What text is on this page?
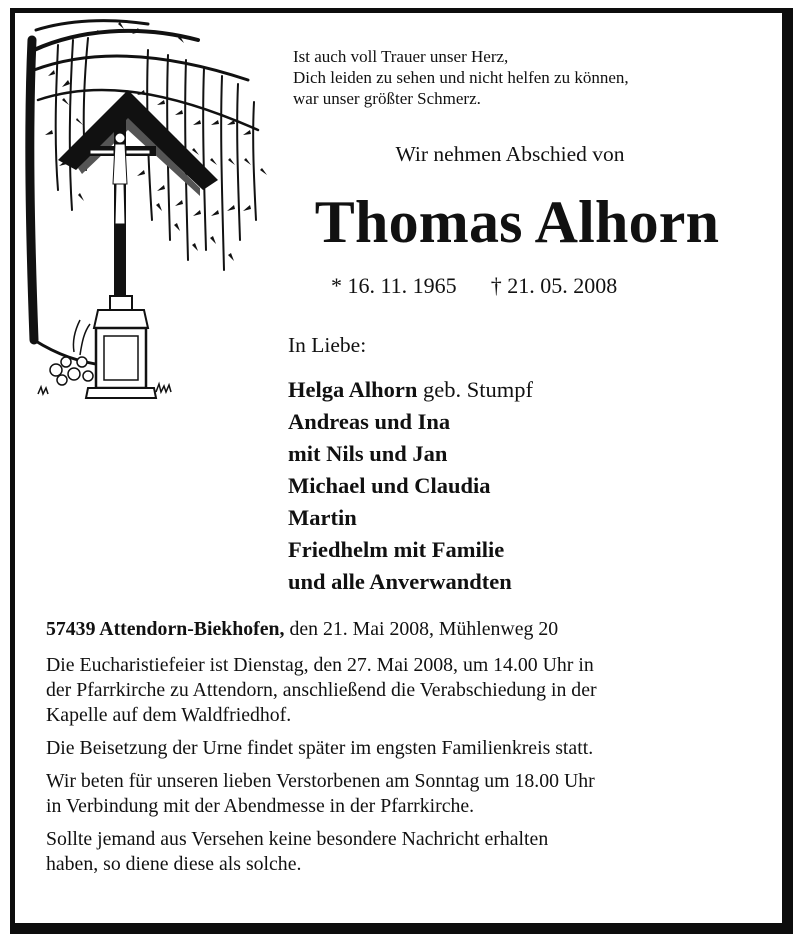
Ist auch voll Trauer unser Herz,
Dich leiden zu sehen und nicht helfen zu können,
war unser größter Schmerz.
Wir nehmen Abschied von
Thomas Alhorn
* 16. 11. 1965 † 21. 05. 2008
In Liebe:
Helga Alhorn geb. Stumpf
Andreas und Ina
mit Nils und Jan
Michael und Claudia
Martin
Friedhelm mit Familie
und alle Anverwandten

57439 Attendorn-Biekhofen, den 21. Mai 2008, Mühlenweg 20

Die Eucharistiefeier ist Dienstag, den 27. Mai 2008, um 14.00 Uhr in
der Pfarrkirche zu Attendorn, anschließend die Verabschiedung in der
Kapelle auf dem Waldfriedhof.

Die Beisetzung der Urne findet später im engsten Familienkreis statt.

Wir beten für unseren lieben Verstorbenen am Sonntag um 18.00 Uhr
in Verbindung mit der Abendmesse in der Pfarrkirche.

Sollte jemand aus Versehen keine besondere Nachricht erhalten
haben, so diene diese als solche.
